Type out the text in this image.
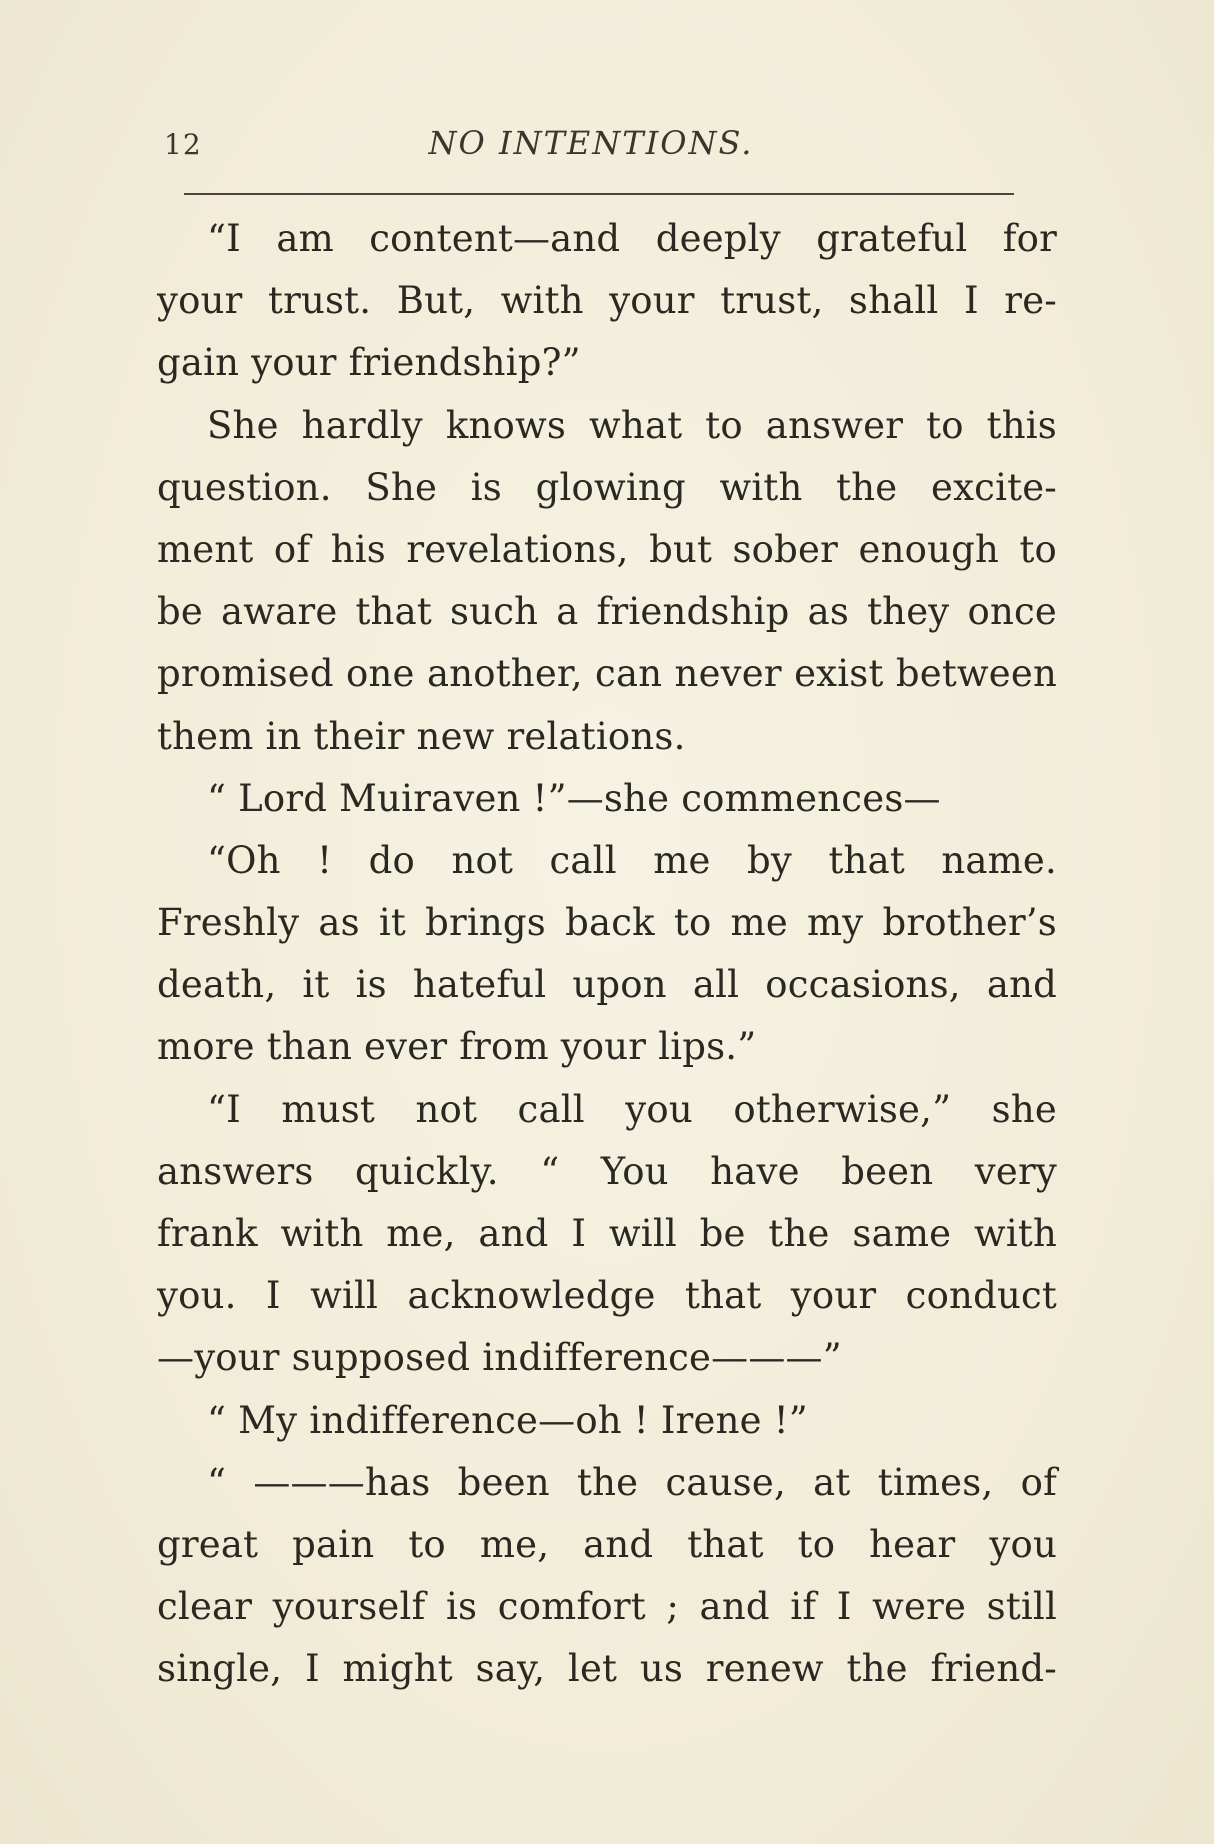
12	NO INTENTIONS.
“I am content—and deeply grateful for
your trust. But, with your trust, shall I re-
gain your friendship?”
She hardly knows what to answer to this
question. She is glowing with the excite-
ment of his revelations, but sober enough to
be aware that such a friendship as they once
promised one another, can never exist between
them in their new relations.
“ Lord Muiraven !”—she commences—
“Oh ! do not call me by that name.
Freshly as it brings back to me my brother’s
death, it is hateful upon all occasions, and
more than ever from your lips.”
“I must not call you otherwise,” she
answers quickly. “ You have been very
frank with me, and I will be the same with
you. I will acknowledge that your conduct
—your supposed indifference———”
“ My indifference—oh ! Irene !”
“ ———has been the cause, at times, of
great pain to me, and that to hear you
clear yourself is comfort ; and if I were still
single, I might say, let us renew the friend-
